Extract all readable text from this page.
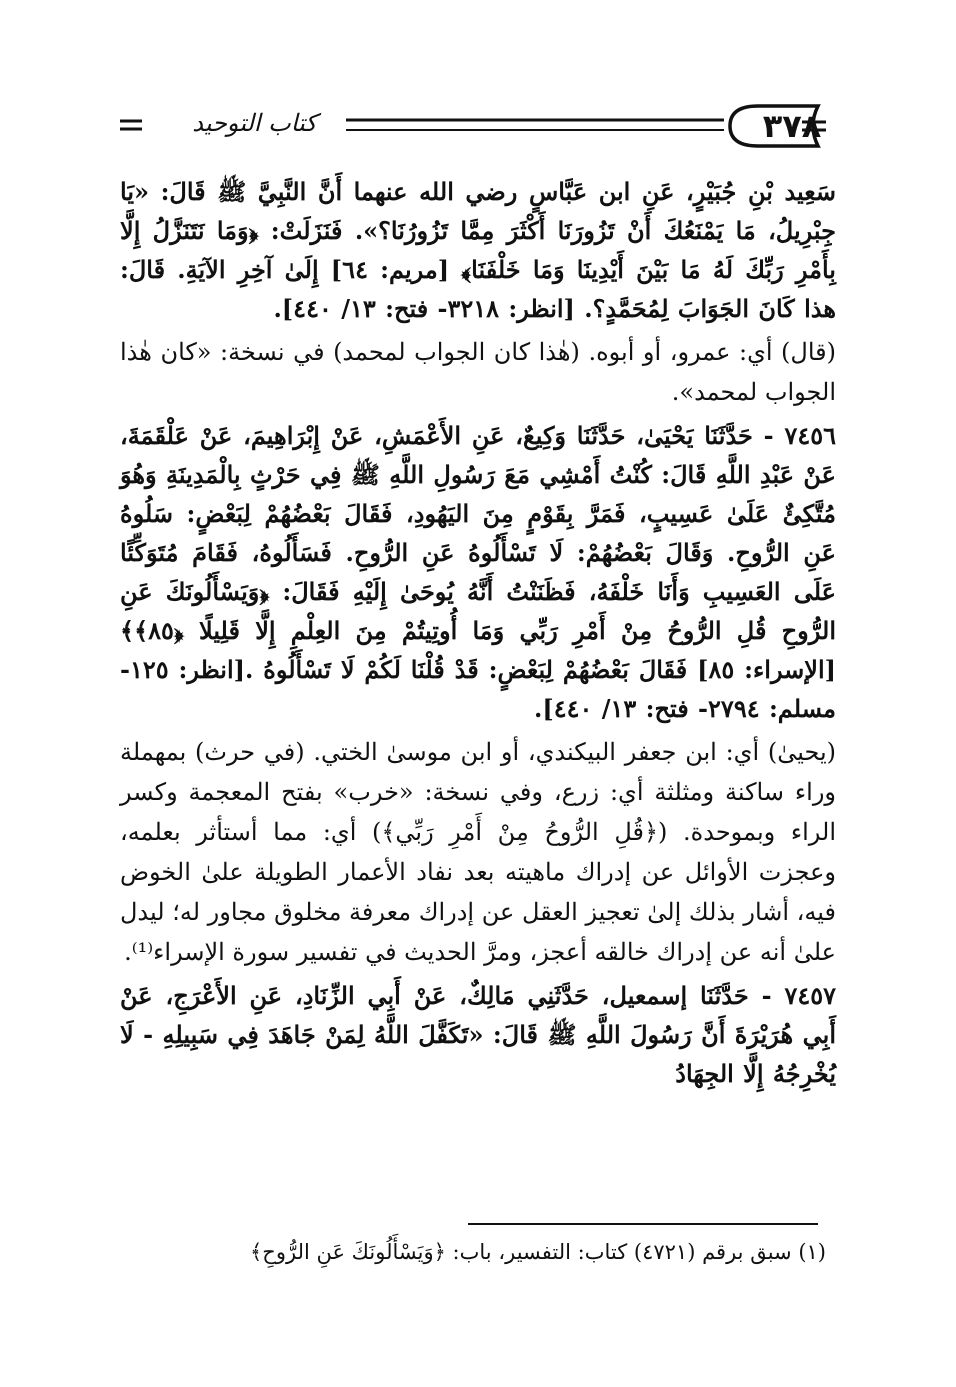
٣٧٨
كتاب التوحيد

سَعِيد بْنِ جُبَيْرٍ، عَنِ ابن عَبَّاسٍ رضي الله عنهما أَنَّ النَّبِيَّ ﷺ قَالَ: «يَا جِبْرِيلُ، مَا يَمْنَعُكَ أَنْ تَزُورَنَا أَكْثَرَ مِمَّا تَزُورُنَا؟». فَنَزَلَتْ: ﴿وَمَا نَتَنَزَّلُ إِلَّا بِأَمْرِ رَبِّكَ لَهُ مَا بَيْنَ أَيْدِينَا وَمَا خَلْفَنَا﴾ [مريم: ٦٤] إِلَىٰ آخِرِ الآيَةِ. قَالَ: هذا كَانَ الجَوَابَ لِمُحَمَّدٍ؟. [انظر: ٣٢١٨- فتح: ١٣/ ٤٤٠].

(قال) أي: عمرو، أو أبوه. (هٰذا كان الجواب لمحمد) في نسخة: «كان هٰذا الجواب لمحمد».

٧٤٥٦ - حَدَّثَنَا يَحْيَىٰ، حَدَّثَنَا وَكِيعٌ، عَنِ الأَعْمَشِ، عَنْ إِبْرَاهِيمَ، عَنْ عَلْقَمَةَ، عَنْ عَبْدِ اللَّهِ قَالَ: كُنْتُ أَمْشِي مَعَ رَسُولِ اللَّهِ ﷺ فِي حَرْثٍ بِالْمَدِينَةِ وَهُوَ مُتَّكِئٌ عَلَىٰ عَسِيبٍ، فَمَرَّ بِقَوْمٍ مِنَ اليَهُودِ، فَقَالَ بَعْضُهُمْ لِبَعْضٍ: سَلُوهُ عَنِ الرُّوحِ. وَقَالَ بَعْضُهُمْ: لَا تَسْأَلُوهُ عَنِ الرُّوحِ. فَسَأَلُوهُ، فَقَامَ مُتَوَكِّئًا عَلَى العَسِيبِ وَأَنَا خَلْفَهُ، فَظَنَنْتُ أَنَّهُ يُوحَىٰ إِلَيْهِ فَقَالَ: ﴿وَيَسْأَلُونَكَ عَنِ الرُّوحِ قُلِ الرُّوحُ مِنْ أَمْرِ رَبِّي وَمَا أُوتِيتُمْ مِنَ العِلْمِ إِلَّا قَلِيلًا ﴿٨٥﴾﴾ [الإسراء: ٨٥] فَقَالَ بَعْضُهُمْ لِبَعْضٍ: قَدْ قُلْنَا لَكُمْ لَا تَسْأَلُوهُ .[انظر: ١٢٥- مسلم: ٢٧٩٤- فتح: ١٣/ ٤٤٠].

(يحيىٰ) أي: ابن جعفر البيكندي، أو ابن موسىٰ الختي. (في حرث) بمهملة وراء ساكنة ومثلثة أي: زرع، وفي نسخة: «خرب» بفتح المعجمة وكسر الراء وبموحدة. (﴿قُلِ الرُّوحُ مِنْ أَمْرِ رَبِّي﴾) أي: مما أستأثر بعلمه، وعجزت الأوائل عن إدراك ماهيته بعد نفاد الأعمار الطويلة علىٰ الخوض فيه، أشار بذلك إلىٰ تعجيز العقل عن إدراك معرفة مخلوق مجاور له؛ ليدل علىٰ أنه عن إدراك خالقه أعجز، ومرَّ الحديث في تفسير سورة الإسراء⁽¹⁾.

٧٤٥٧ - حَدَّثَنَا إسمعيل، حَدَّثَنِي مَالِكٌ، عَنْ أَبِي الزِّنَادِ، عَنِ الأَعْرَجِ، عَنْ أَبِي هُرَيْرَةَ أَنَّ رَسُولَ اللَّهِ ﷺ قَالَ: «تَكَفَّلَ اللَّهُ لِمَنْ جَاهَدَ فِي سَبِيلِهِ - لَا يُخْرِجُهُ إِلَّا الجِهَادُ

(١) سبق برقم (٤٧٢١) كتاب: التفسير، باب: ﴿وَيَسْأَلُونَكَ عَنِ الرُّوحِ﴾
